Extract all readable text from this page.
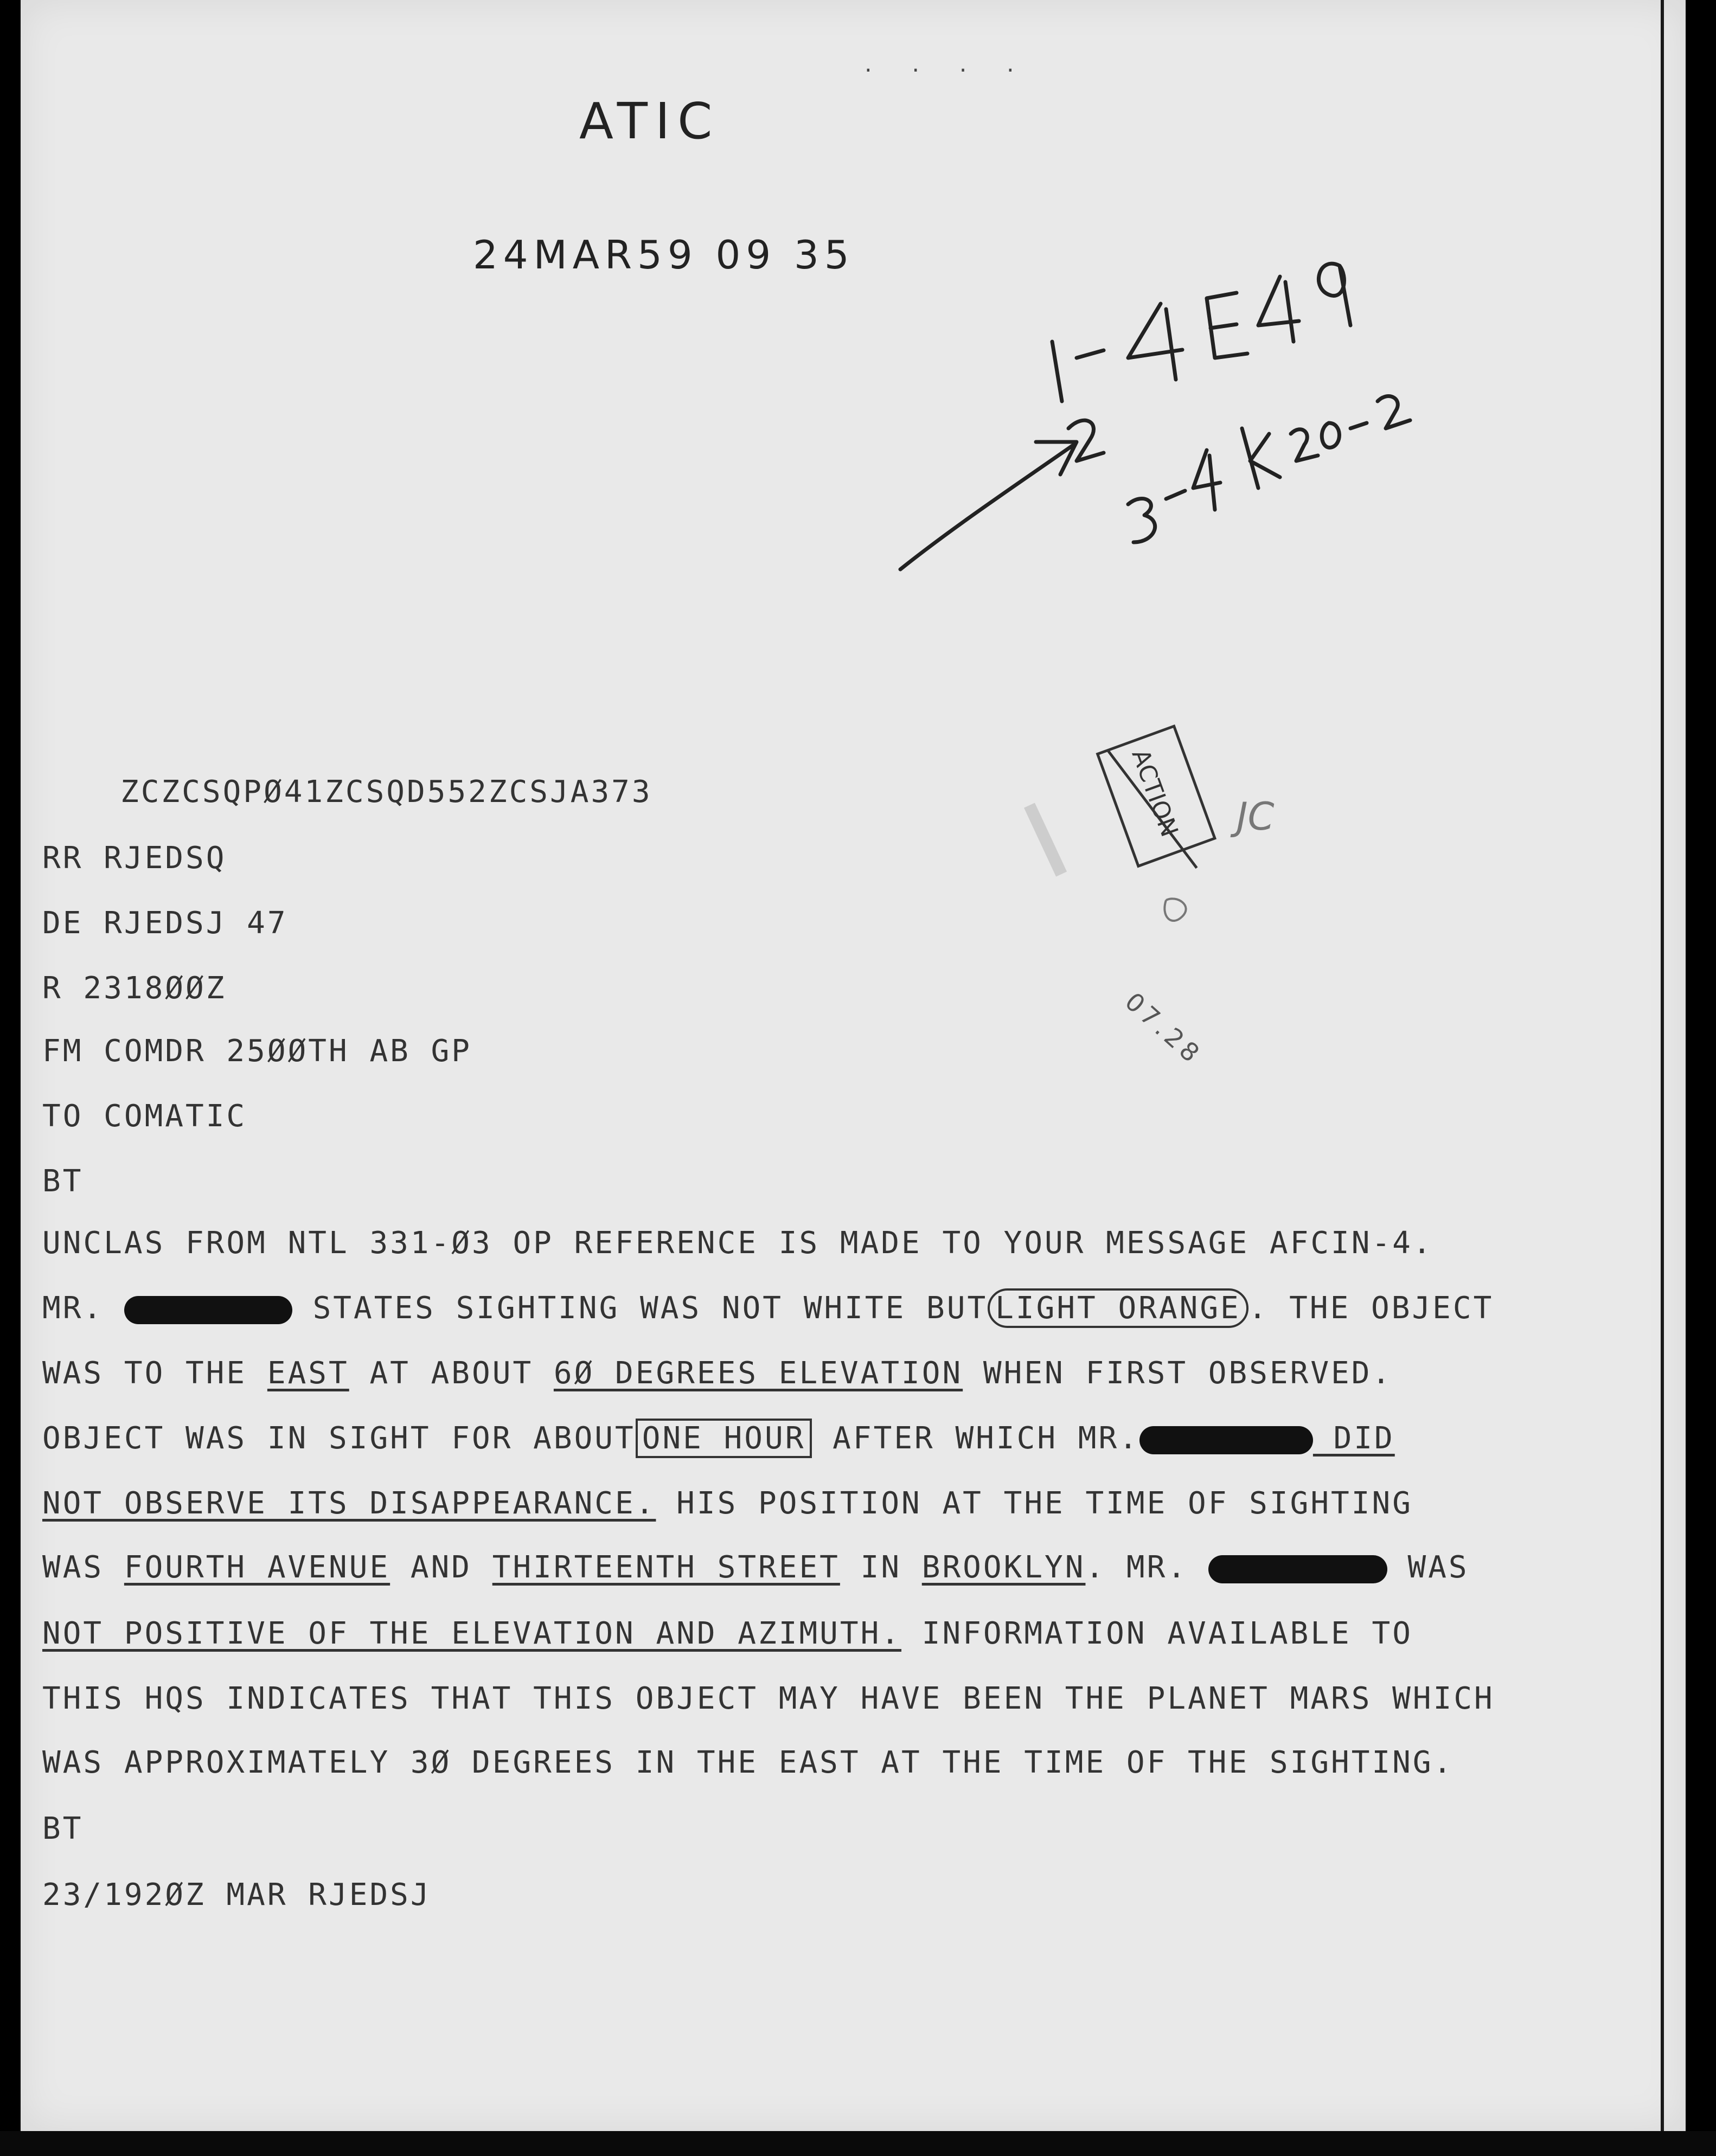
· · · ·
ATIC
24MAR59 09 35
ACTION JC
07.28
ZCZCSQPØ41ZCSQD552ZCSJA373
RR RJEDSQ
DE RJEDSJ 47
R 2318ØØZ
FM COMDR 25ØØTH AB GP
TO COMATIC
BT
UNCLAS FROM NTL 331-Ø3 OP REFERENCE IS MADE TO YOUR MESSAGE AFCIN-4.
MR.	STATES SIGHTING WAS NOT WHITE BUT LIGHT ORANGE . THE OBJECT
WAS TO THE EAST AT ABOUT 6Ø DEGREES ELEVATION WHEN FIRST OBSERVED.
OBJECT WAS IN SIGHT FOR ABOUT ONE HOUR AFTER WHICH MR.	DID
NOT OBSERVE ITS DISAPPEARANCE. HIS POSITION AT THE TIME OF SIGHTING
WAS FOURTH AVENUE AND THIRTEENTH STREET IN BROOKLYN. MR.	WAS
NOT POSITIVE OF THE ELEVATION AND AZIMUTH. INFORMATION AVAILABLE TO
THIS HQS INDICATES THAT THIS OBJECT MAY HAVE BEEN THE PLANET MARS WHICH
WAS APPROXIMATELY 3Ø DEGREES IN THE EAST AT THE TIME OF THE SIGHTING.
BT
23/192ØZ MAR RJEDSJ
